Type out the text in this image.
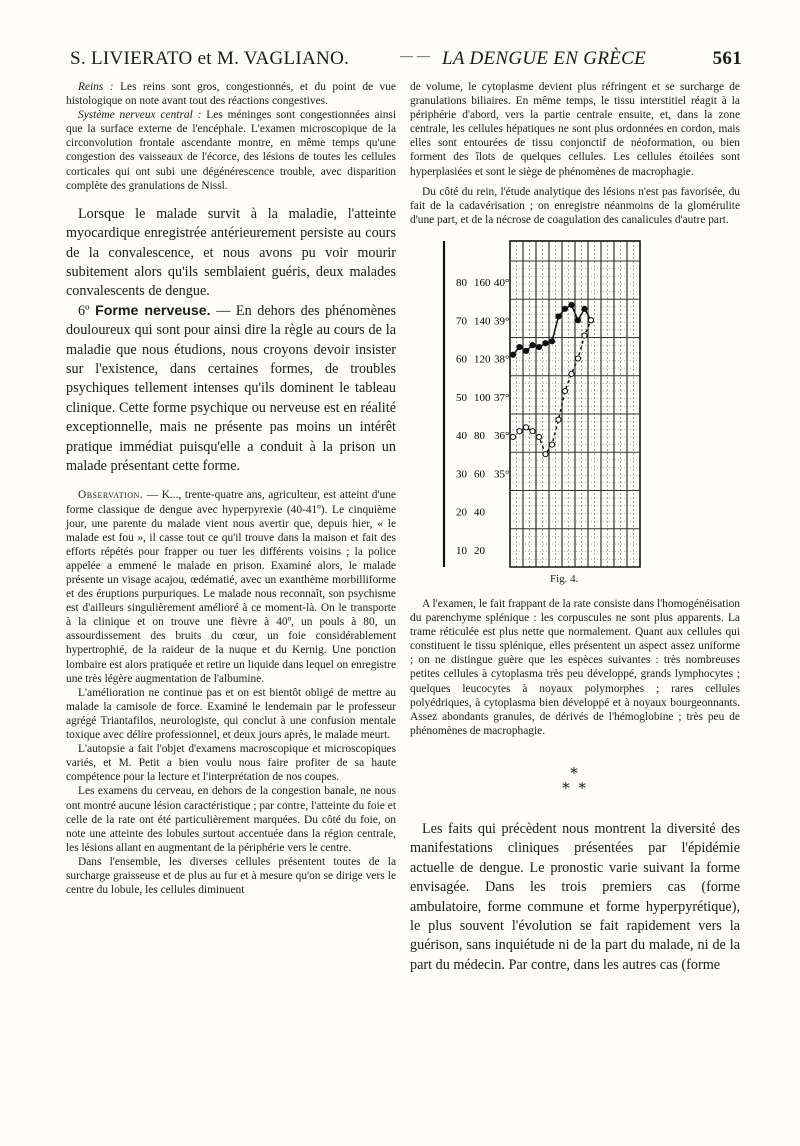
S. LIVIERATO et M. VAGLIANO.	— — LA DENGUE EN GRÈCE	561

Reins : Les reins sont gros, congestionnés, et du point de vue histologique on note avant tout des réactions congestives.

Système nerveux central : Les méninges sont congestionnées ainsi que la surface externe de l'encéphale. L'examen microscopique de la circonvolution frontale ascendante montre, en même temps qu'une congestion des vaisseaux de l'écorce, des lésions de toutes les cellules corticales qui ont subi une dégénérescence trouble, avec disparition complète des granulations de Nissl.

Lorsque le malade survit à la maladie, l'atteinte myocardique enregistrée antérieurement persiste au cours de la convalescence, et nous avons pu voir mourir subitement alors qu'ils semblaient guéris, deux malades convalescents de dengue.

6º Forme nerveuse. — En dehors des phénomènes douloureux qui sont pour ainsi dire la règle au cours de la maladie que nous étudions, nous croyons devoir insister sur l'existence, dans certaines formes, de troubles psychiques tellement intenses qu'ils dominent le tableau clinique. Cette forme psychique ou nerveuse est en réalité exceptionnelle, mais ne présente pas moins un intérêt pratique immédiat puisqu'elle a conduit à la prison un malade présentant cette forme.

Observation. — K..., trente-quatre ans, agriculteur, est atteint d'une forme classique de dengue avec hyperpyrexie (40-41º). Le cinquième jour, une parente du malade vient nous avertir que, depuis hier, « le malade est fou », il casse tout ce qu'il trouve dans la maison et fait des efforts répétés pour frapper ou tuer les différents voisins ; la police appelée a emmené le malade en prison. Examiné alors, le malade présente un visage acajou, œdématié, avec un exanthème morbilliforme et des éruptions purpuriques. Le malade nous reconnaît, son psychisme est d'ailleurs singulièrement amélioré à ce moment-là. On le transporte à la clinique et on trouve une fièvre à 40º, un pouls à 80, un assourdissement des bruits du cœur, un foie considérablement hypertrophié, de la raideur de la nuque et du Kernig. Une ponction lombaire est alors pratiquée et retire un liquide dans lequel on enregistre une très légère augmentation de l'albumine.

L'amélioration ne continue pas et on est bientôt obligé de mettre au malade la camisole de force. Examiné le lendemain par le professeur agrégé Triantafilos, neurologiste, qui conclut à une confusion mentale toxique avec délire professionnel, et deux jours après, le malade meurt.

L'autopsie a fait l'objet d'examens macroscopique et microscopiques variés, et M. Petit a bien voulu nous faire profiter de sa haute compétence pour la lecture et l'interprétation de nos coupes.

Les examens du cerveau, en dehors de la congestion banale, ne nous ont montré aucune lésion caractéristique ; par contre, l'atteinte du foie et celle de la rate ont été particulièrement marquées. Du côté du foie, on note une atteinte des lobules surtout accentuée dans la région centrale, les lésions allant en augmentant de la périphérie vers le centre.

Dans l'ensemble, les diverses cellules présentent toutes de la surcharge graisseuse et de plus au fur et à mesure qu'on se dirige vers le centre du lobule, les cellules diminuent

de volume, le cytoplasme devient plus réfringent et se surcharge de granulations biliaires. En même temps, le tissu interstitiel réagit à la périphérie d'abord, vers la partie centrale ensuite, et, dans la zone centrale, les cellules hépatiques ne sont plus ordonnées en cordon, mais elles sont entourées de tissu conjonctif de néoformation, ou bien forment des îlots de quelques cellules. Les cellules étoilées sont hyperplasiées et sont le siège de phénomènes de macrophagie.

Du côté du rein, l'étude analytique des lésions n'est pas favorisée, du fait de la cadavérisation ; on enregistre néanmoins de la glomérulite d'une part, et de la nécrose de coagulation des canalicules d'autre part.

80
70
60
50
40
30
20
10
160
140
120
100
80
60
40
20
40°
39°
38°
37°
36°
35°
Fig. 4.

A l'examen, le fait frappant de la rate consiste dans l'homogénéisation du parenchyme splénique : les corpuscules ne sont plus apparents. La trame réticulée est plus nette que normalement. Quant aux cellules qui constituent le tissu splénique, elles présentent un aspect assez uniforme ; on ne distingue guère que les espèces suivantes : très nombreuses petites cellules à cytoplasma très peu développé, grands lymphocytes ; quelques leucocytes à noyaux polymorphes ; rares cellules polyédriques, à cytoplasma bien développé et à noyaux bourgeonnants. Assez abondants granules, de dérivés de l'hémoglobine ; très peu de phénomènes de macrophagie.

*
* *

Les faits qui précèdent nous montrent la diversité des manifestations cliniques présentées par l'épidémie actuelle de dengue. Le pronostic varie suivant la forme envisagée. Dans les trois premiers cas (forme ambulatoire, forme commune et forme hyperpyrétique), le plus souvent l'évolution se fait rapidement vers la guérison, sans inquiétude ni de la part du malade, ni de la part du médecin. Par contre, dans les autres cas (forme
